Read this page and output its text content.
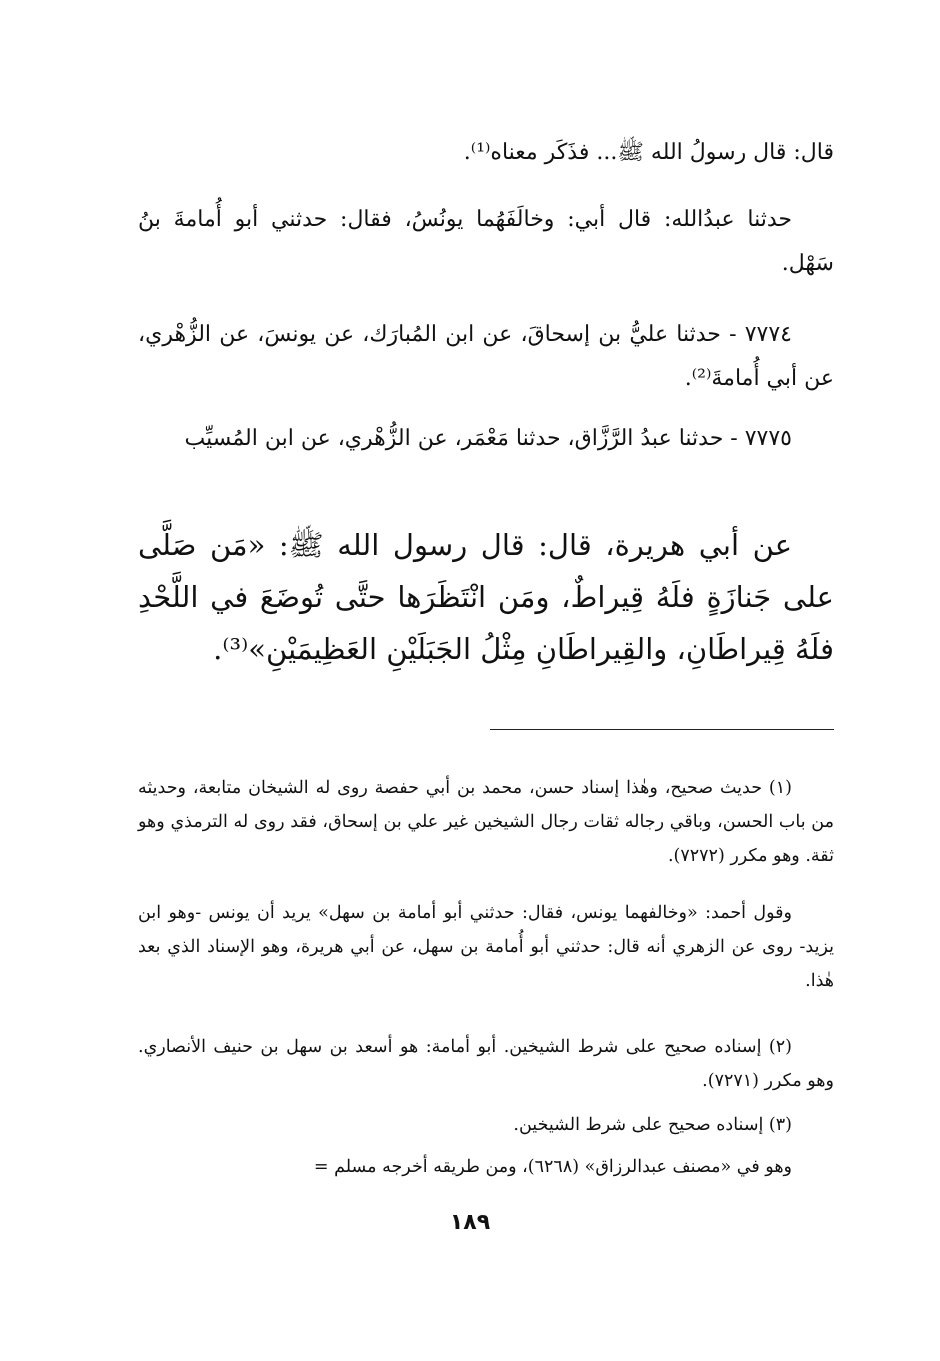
قال: قال رسولُ الله ﷺ... فذَكَر معناه⁽¹⁾.

حدثنا عبدُالله: قال أبي: وخالَفَهُما يونُسُ، فقال: حدثني أبو أُمامةَ بنُ سَهْل.

٧٧٧٤ - حدثنا عليُّ بن إسحاقَ، عن ابن المُبارَك، عن يونسَ، عن الزُّهْري، عن أبي أُمامةَ⁽²⁾.

٧٧٧٥ - حدثنا عبدُ الرَّزَّاق، حدثنا مَعْمَر، عن الزُّهْري، عن ابن المُسيِّب

عن أبي هريرة، قال: قال رسول الله ﷺ: «مَن صَلَّى على جَنازَةٍ فلَهُ قِيراطٌ، ومَن انْتَظَرَها حتَّى تُوضَعَ في اللَّحْدِ فلَهُ قِيراطَانِ، والقِيراطَانِ مِثْلُ الجَبَلَيْنِ العَظِيمَيْنِ»⁽³⁾.

(١) حديث صحيح، وهٰذا إسناد حسن، محمد بن أبي حفصة روى له الشيخان متابعة، وحديثه من باب الحسن، وباقي رجاله ثقات رجال الشيخين غير علي بن إسحاق، فقد روى له الترمذي وهو ثقة. وهو مكرر (٧٢٧٢).

وقول أحمد: «وخالفهما يونس، فقال: حدثني أبو أمامة بن سهل» يريد أن يونس -وهو ابن يزيد- روى عن الزهري أنه قال: حدثني أبو أُمامة بن سهل، عن أبي هريرة، وهو الإسناد الذي بعد هٰذا.

(٢) إسناده صحيح على شرط الشيخين. أبو أمامة: هو أسعد بن سهل بن حنيف الأنصاري. وهو مكرر (٧٢٧١).

(٣) إسناده صحيح على شرط الشيخين.

وهو في «مصنف عبدالرزاق» (٦٢٦٨)، ومن طريقه أخرجه مسلم =

١٨٩
